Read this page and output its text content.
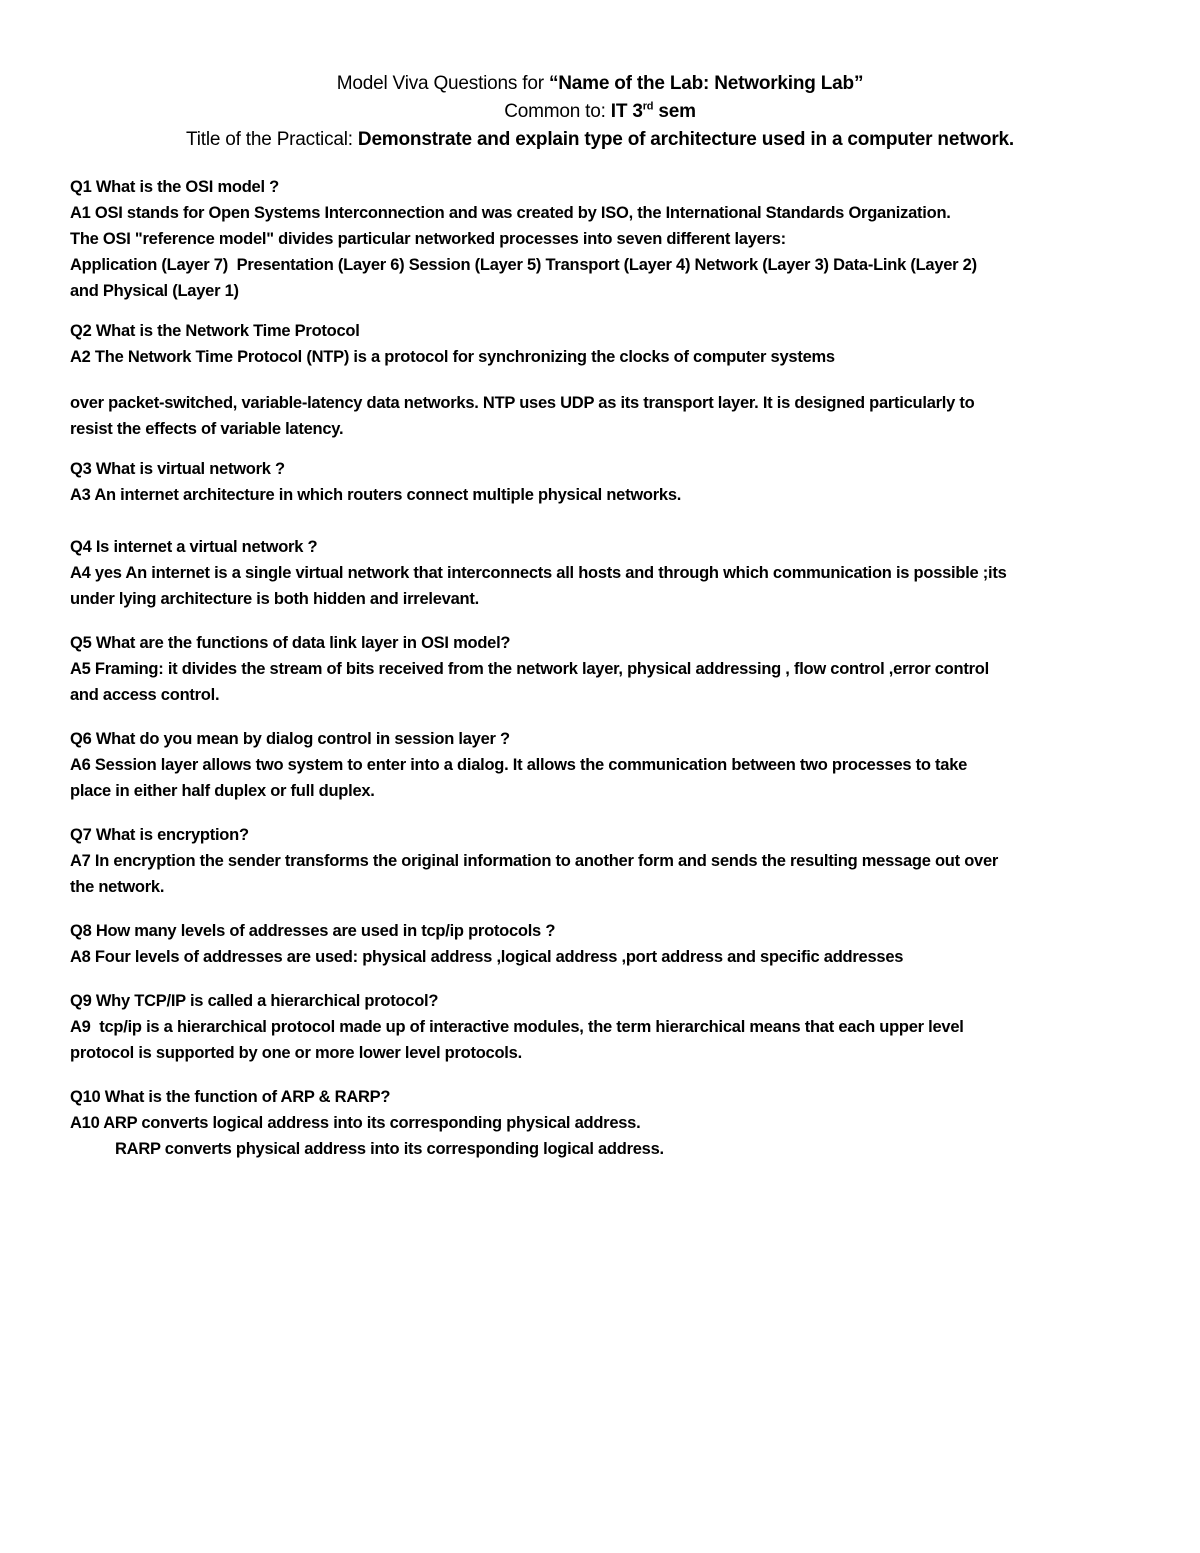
Model Viva Questions for “Name of the Lab: Networking Lab”
Common to: IT 3rd sem
Title of the Practical: Demonstrate and explain type of architecture used in a computer network.
Q1 What is the OSI model ?
A1 OSI stands for Open Systems Interconnection and was created by ISO, the International Standards Organization.
The OSI "reference model" divides particular networked processes into seven different layers:
Application (Layer 7)  Presentation (Layer 6) Session (Layer 5) Transport (Layer 4) Network (Layer 3) Data-Link (Layer 2)
and Physical (Layer 1)
Q2 What is the Network Time Protocol
A2 The Network Time Protocol (NTP) is a protocol for synchronizing the clocks of computer systems
over packet-switched, variable-latency data networks. NTP uses UDP as its transport layer. It is designed particularly to
resist the effects of variable latency.
Q3 What is virtual network ?
A3 An internet architecture in which routers connect multiple physical networks.
Q4 Is internet a virtual network ?
A4 yes An internet is a single virtual network that interconnects all hosts and through which communication is possible ;its
under lying architecture is both hidden and irrelevant.
Q5 What are the functions of data link layer in OSI model?
A5 Framing: it divides the stream of bits received from the network layer, physical addressing , flow control ,error control
and access control.
Q6 What do you mean by dialog control in session layer ?
A6 Session layer allows two system to enter into a dialog. It allows the communication between two processes to take
place in either half duplex or full duplex.
Q7 What is encryption?
A7 In encryption the sender transforms the original information to another form and sends the resulting message out over
the network.
Q8 How many levels of addresses are used in tcp/ip protocols ?
A8 Four levels of addresses are used: physical address ,logical address ,port address and specific addresses
Q9 Why TCP/IP is called a hierarchical protocol?
A9  tcp/ip is a hierarchical protocol made up of interactive modules, the term hierarchical means that each upper level
protocol is supported by one or more lower level protocols.
Q10 What is the function of ARP & RARP?
A10 ARP converts logical address into its corresponding physical address.
RARP converts physical address into its corresponding logical address.
